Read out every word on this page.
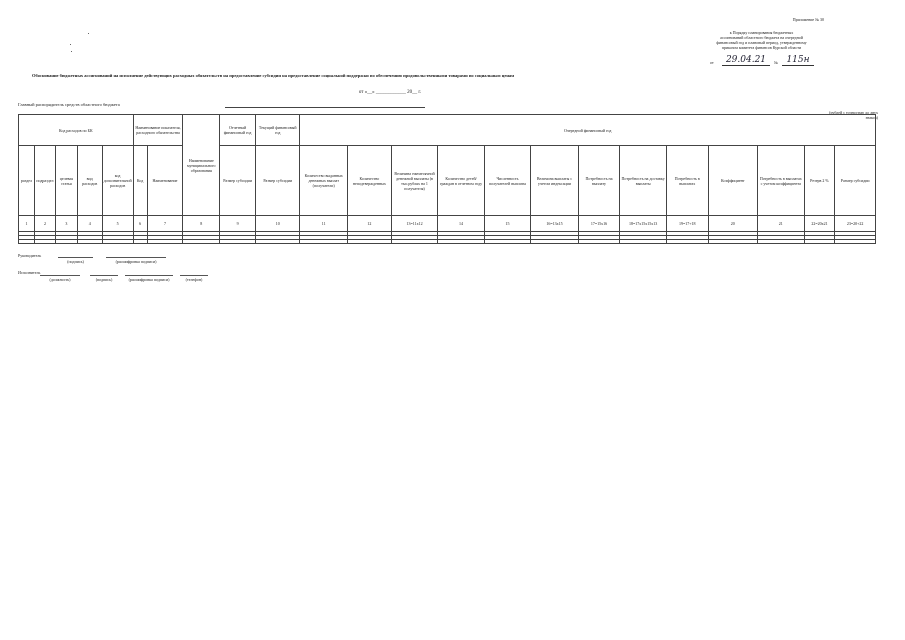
Приложение № 30
к Порядку планирования бюджетных
ассигнований областного бюджета на очередной
финансовый год и плановый период, утвержденному
приказом комитета финансов Курской области
от	29.04.21	№ 115н
Обоснование бюджетных ассигнований на исполнение действующих расходных обязательств на предоставление субсидии на предоставление социальной поддержки по обеспечению продовольственными товарами по социальным ценам
от «__» ____________ 20__ г.
Главный распорядитель средств областного бюджета
(рублей с точностью до двух знаков)
Код расходов по БК					Наименование показателя, расходного обязательства		Наименование муниципального образования	Отчетный финансовый год	Текущий финансовый год	Очередной финансовый год												
раздел	подраздел	целевая статья	вид расходов	код дополнительной расходов	Код	Наименование		Размер субсидии	Размер субсидии	Количество выданных денежных выплат (получатели)	Количество неподтвержденных	Величина ежемесячной денежной выплаты (в тыс.рублях на 1 получателя)	Количество детей/граждан в отчетном году	Численность получателей выплаты	Величина выплаты с учетом индексации	Потребность на выплату	Потребность на доставку выплаты	Потребность в выплатах	Коэффициент	Потребность в выплатах с учетом коэффициента	Резерв 2 %	Размер субсидии
1	2	3	4	5	6	7	8	9	10	11	12	13=11х12	14	15	16=13х15	17=15х16	18=17х15х15х13	19=17+18	20	21	22=20х21	23=20+22

Руководитель
(подпись)	(расшифровка подписи)
Исполнитель
(должность)	(подпись)	(расшифровка подписи)	(телефон)
